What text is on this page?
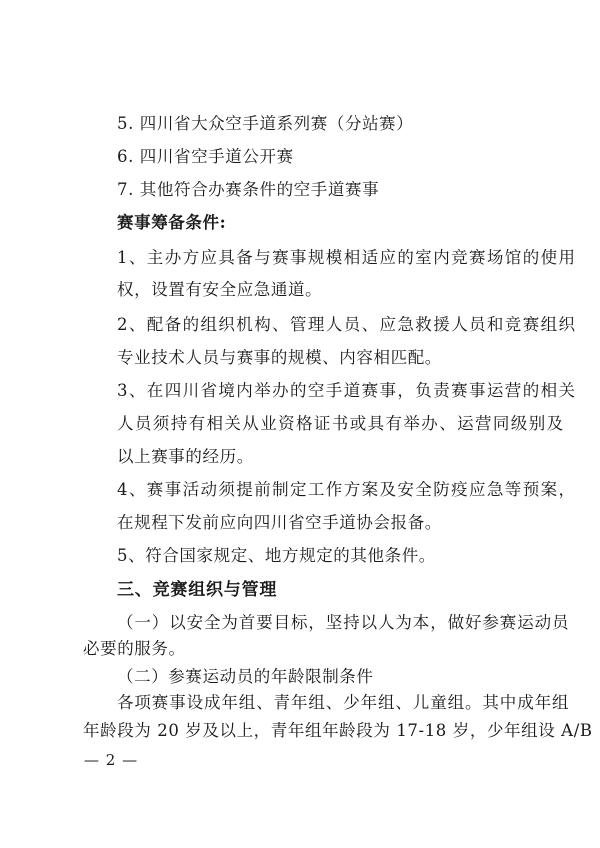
5. 四川省大众空手道系列赛（分站赛）
6. 四川省空手道公开赛
7. 其他符合办赛条件的空手道赛事
赛事筹备条件:
1、主办方应具备与赛事规模相适应的室内竞赛场馆的使用
权，设置有安全应急通道。
2、配备的组织机构、管理人员、应急救援人员和竞赛组织
专业技术人员与赛事的规模、内容相匹配。
3、在四川省境内举办的空手道赛事，负责赛事运营的相关
人员须持有相关从业资格证书或具有举办、运营同级别及
以上赛事的经历。
4、赛事活动须提前制定工作方案及安全防疫应急等预案，
在规程下发前应向四川省空手道协会报备。
5、符合国家规定、地方规定的其他条件。
三、竞赛组织与管理
（一）以安全为首要目标，坚持以人为本，做好参赛运动员
必要的服务。
（二）参赛运动员的年龄限制条件
各项赛事设成年组、青年组、少年组、儿童组。其中成年组
年龄段为 20 岁及以上，青年组年龄段为 17-18 岁，少年组设 A/B
— 2 —
